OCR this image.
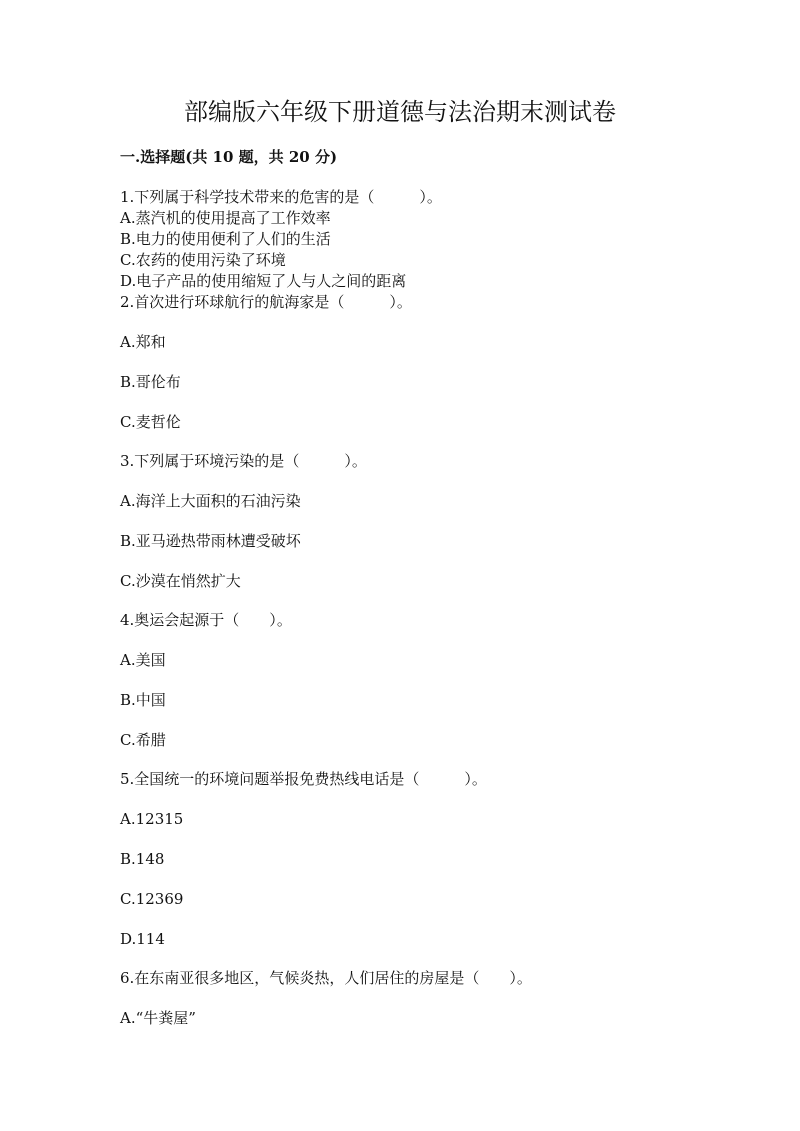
部编版六年级下册道德与法治期末测试卷
一.选择题(共 10 题，共 20 分)
1.下列属于科学技术带来的危害的是（　　　）。
A.蒸汽机的使用提高了工作效率
B.电力的使用便利了人们的生活
C.农药的使用污染了环境
D.电子产品的使用缩短了人与人之间的距离
2.首次进行环球航行的航海家是（　　　）。
A.郑和
B.哥伦布
C.麦哲伦
3.下列属于环境污染的是（　　　）。
A.海洋上大面积的石油污染
B.亚马逊热带雨林遭受破坏
C.沙漠在悄然扩大
4.奥运会起源于（　　）。
A.美国
B.中国
C.希腊
5.全国统一的环境问题举报免费热线电话是（　　　）。
A.12315
B.148
C.12369
D.114
6.在东南亚很多地区，气候炎热，人们居住的房屋是（　　）。
A.“牛粪屋”
